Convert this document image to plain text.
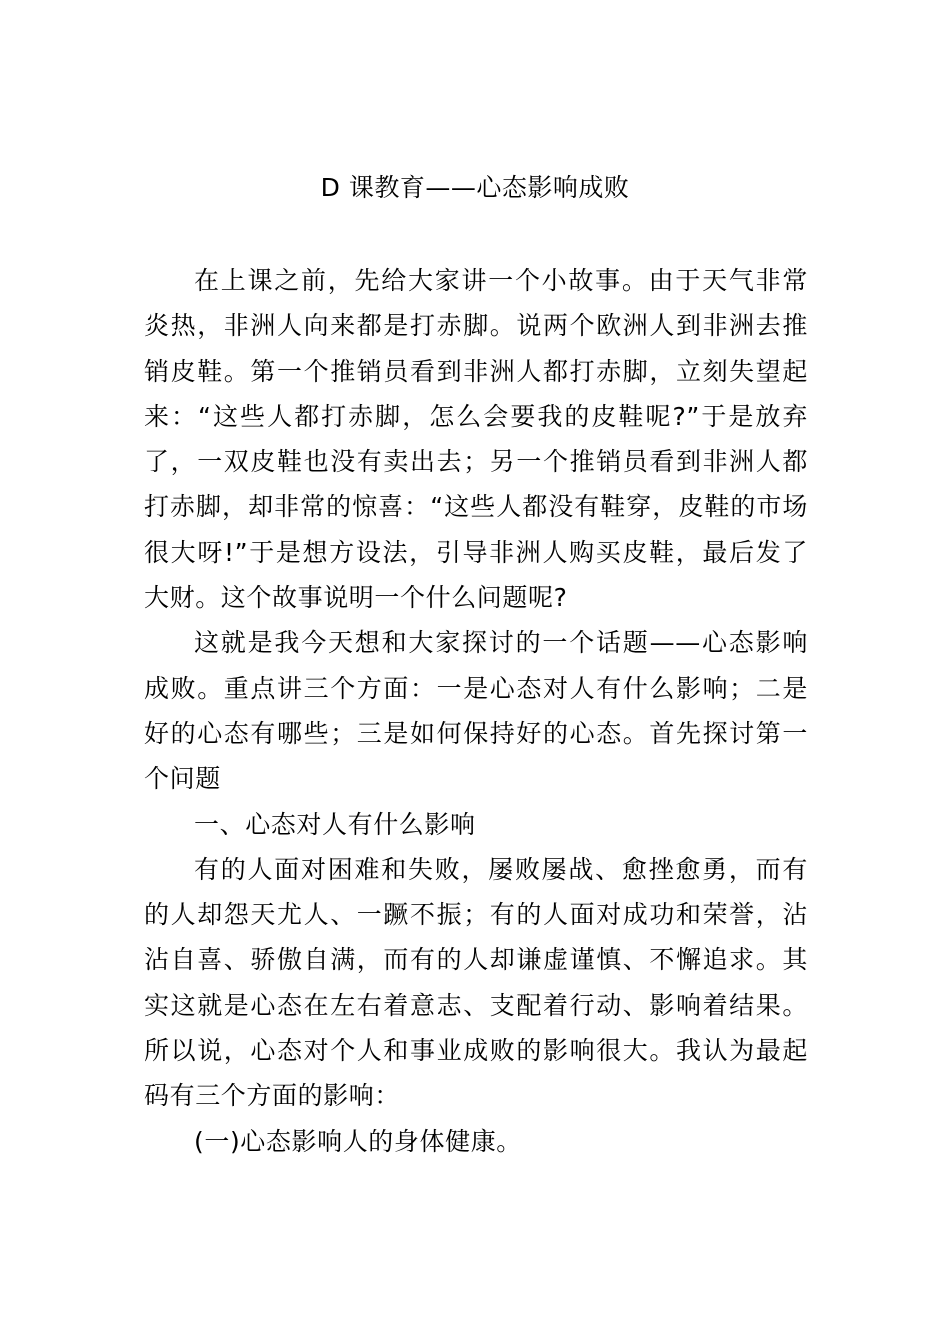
D 课教育——心态影响成败

在上课之前，先给大家讲一个小故事。由于天气非常炎热，非洲人向来都是打赤脚。说两个欧洲人到非洲去推销皮鞋。第一个推销员看到非洲人都打赤脚，立刻失望起来：“这些人都打赤脚，怎么会要我的皮鞋呢?”于是放弃了，一双皮鞋也没有卖出去；另一个推销员看到非洲人都打赤脚，却非常的惊喜：“这些人都没有鞋穿，皮鞋的市场很大呀!”于是想方设法，引导非洲人购买皮鞋，最后发了大财。这个故事说明一个什么问题呢?

这就是我今天想和大家探讨的一个话题——心态影响成败。重点讲三个方面：一是心态对人有什么影响；二是好的心态有哪些；三是如何保持好的心态。首先探讨第一个问题

一、心态对人有什么影响

有的人面对困难和失败，屡败屡战、愈挫愈勇，而有的人却怨天尤人、一蹶不振；有的人面对成功和荣誉，沾沾自喜、骄傲自满，而有的人却谦虚谨慎、不懈追求。其实这就是心态在左右着意志、支配着行动、影响着结果。所以说，心态对个人和事业成败的影响很大。我认为最起码有三个方面的影响：

(一)心态影响人的身体健康。
